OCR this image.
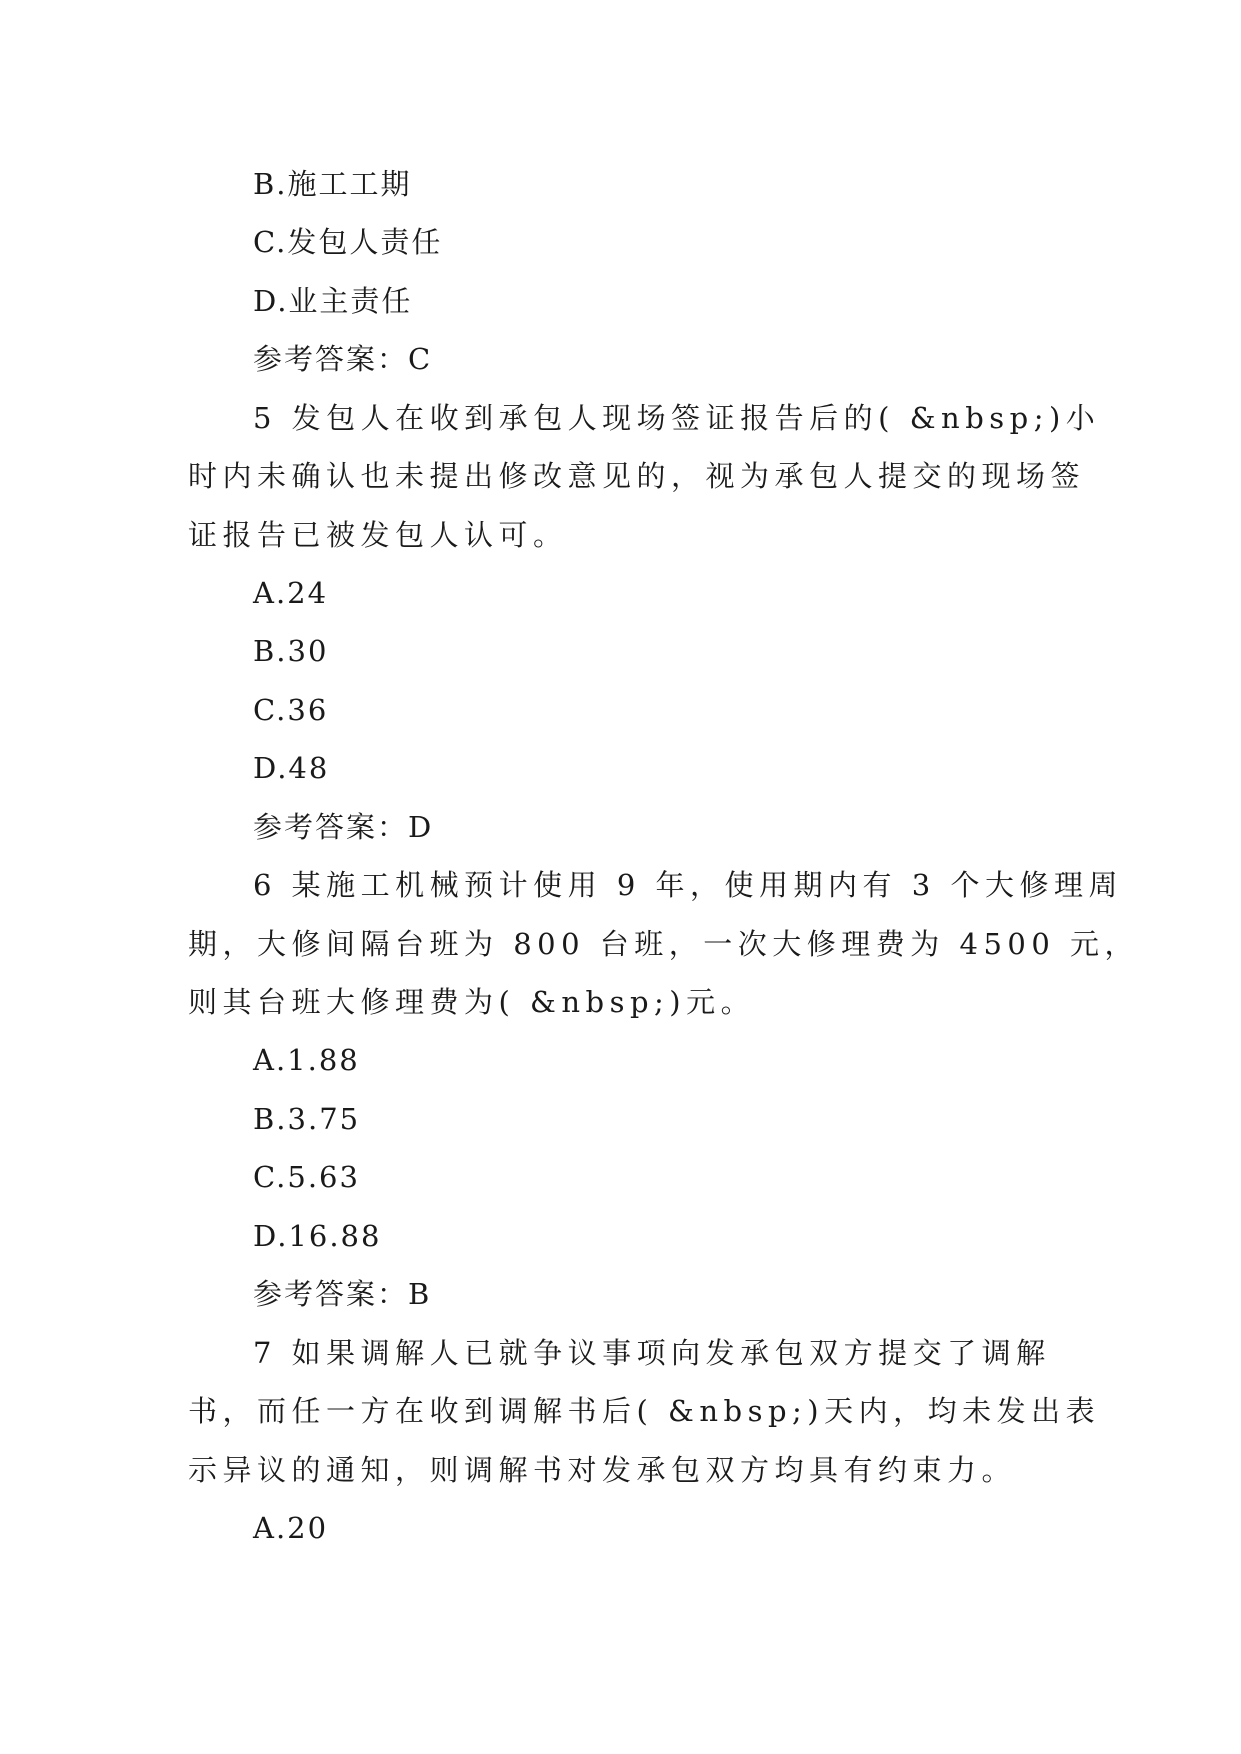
B.施工工期
C.发包人责任
D.业主责任
参考答案：C
5 发包人在收到承包人现场签证报告后的( &nbsp;)小
时内未确认也未提出修改意见的，视为承包人提交的现场签
证报告已被发包人认可。
A.24
B.30
C.36
D.48
参考答案：D
6 某施工机械预计使用 9 年，使用期内有 3 个大修理周
期，大修间隔台班为 800 台班，一次大修理费为 4500 元，
则其台班大修理费为( &nbsp;)元。
A.1.88
B.3.75
C.5.63
D.16.88
参考答案：B
7 如果调解人已就争议事项向发承包双方提交了调解
书，而任一方在收到调解书后( &nbsp;)天内，均未发出表
示异议的通知，则调解书对发承包双方均具有约束力。
A.20
